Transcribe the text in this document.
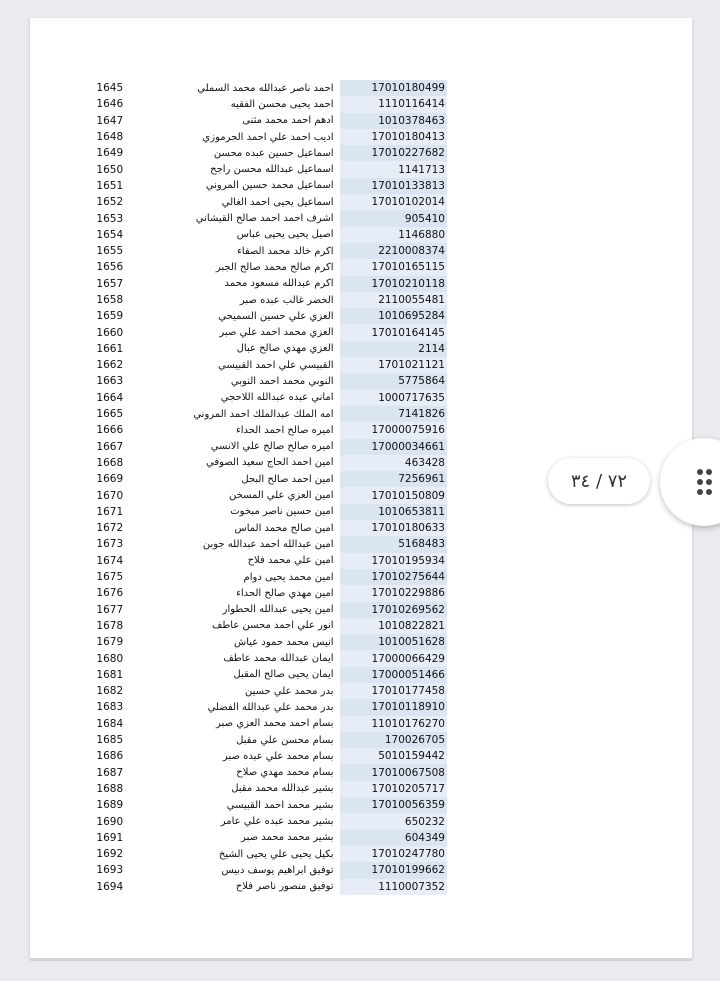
1645	احمد ناصر عبدالله محمد السملي	17010180499
1646	احمد يحيى محسن الفقيه	1110116414
1647	ادهم احمد محمد مثنى	1010378463
1648	اديب احمد علي احمد الجرموزي	17010180413
1649	اسماعيل حسين عبده محسن	17010227682
1650	اسماعيل عبدالله محسن راجح	1141713
1651	اسماعيل محمد حسين المروني	17010133813
1652	اسماعيل يحيى احمد الغالي	17010102014
1653	اشرف احمد احمد صالح القيشاني	905410
1654	اصيل يحيى يحيى عباس	1146880
1655	اكرم خالد محمد الصفاء	2210008374
1656	اكرم صالح محمد صالح الجبر	17010165115
1657	اكرم عبدالله مسعود محمد	17010210118
1658	الخضر غالب عبده صبر	2110055481
1659	العزي علي حسين السميحي	1010695284
1660	العزي محمد احمد علي صبر	17010164145
1661	العزي مهدي صالح عبال	2114
1662	القبيسي علي احمد القبيسي	1701021121
1663	النوبي محمد احمد النوبي	5775864
1664	اماني عبده عبدالله اللاحجي	1000717635
1665	امه الملك عبدالملك احمد المروني	7141826
1666	اميره صالح احمد الحداء	17000075916
1667	اميره صالح صالح علي الانسي	17000034661
1668	امين احمد الحاج سعيد الصوفي	463428
1669	امين احمد صالح البجل	7256961
1670	امين العزي علي المسخن	17010150809
1671	امين حسين ناصر مبخوت	1010653811
1672	امين صالح محمد الماس	17010180633
1673	امين عبدالله احمد عبدالله جوبن	5168483
1674	امين علي محمد فلاح	17010195934
1675	امين محمد يحيى دوام	17010275644
1676	امين مهدي صالح الحداء	17010229886
1677	امين يحيى عبدالله الحطوار	17010269562
1678	انور علي احمد محسن عاطف	1010822821
1679	انيس محمد حمود عياش	1010051628
1680	ايمان عبدالله محمد عاطف	17000066429
1681	ايمان يحيى صالح المقبل	17000051466
1682	بدر محمد علي حسين	17010177458
1683	بدر محمد علي عبدالله الفضلي	17010118910
1684	بسام احمد محمد العزي صبر	11010176270
1685	بسام محسن علي مقبل	170026705
1686	بسام محمد علي عبده صبر	5010159442
1687	بسام محمد مهدي صلاح	17010067508
1688	بشير عبدالله محمد مقبل	17010205717
1689	بشير محمد احمد القبيسي	17010056359
1690	بشير محمد عبده علي عامر	650232
1691	بشير محمد محمد صبر	604349
1692	بكيل يحيى علي يحيى الشيخ	17010247780
1693	توفيق ابراهيم يوسف دبيس	17010199662
1694	توفيق منصور ناصر فلاح	1110007352
٧٢ / ٣٤
